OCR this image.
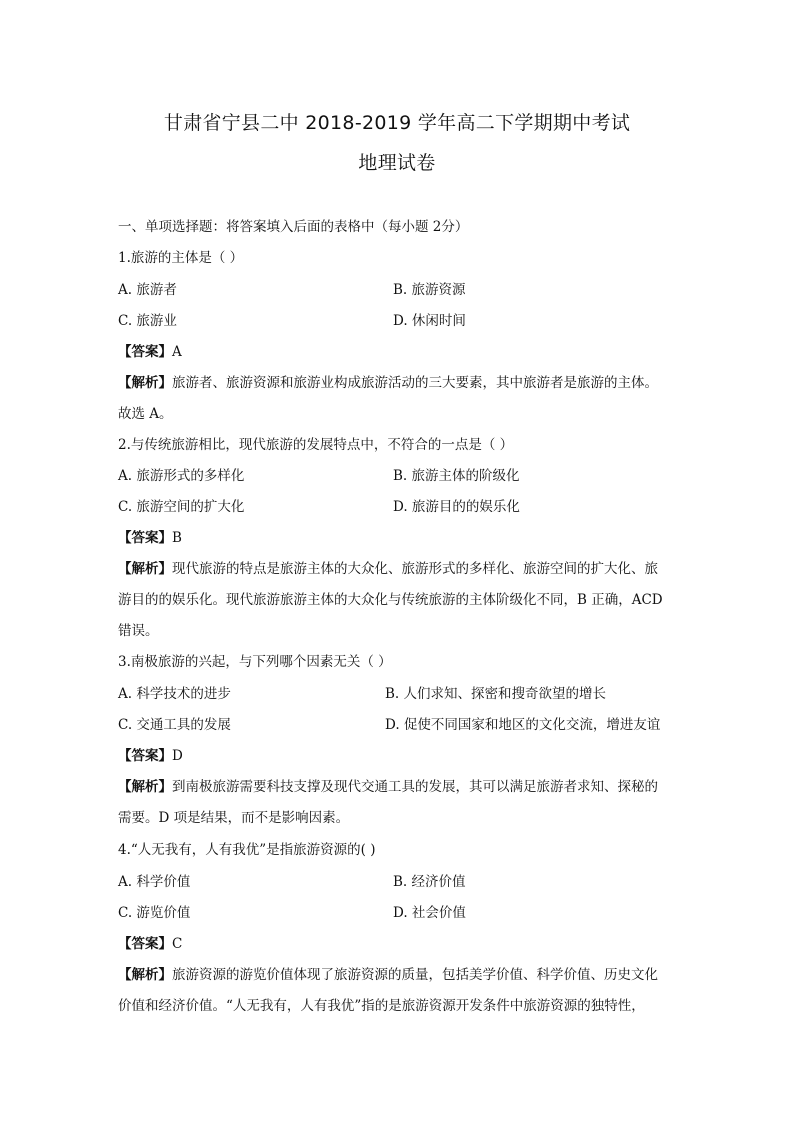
甘肃省宁县二中 2018-2019 学年高二下学期期中考试
地理试卷
一、单项选择题：将答案填入后面的表格中（每小题 2分）
1.旅游的主体是（ ）
A. 旅游者	B. 旅游资源
C. 旅游业	D. 休闲时间
【答案】A
【解析】旅游者、旅游资源和旅游业构成旅游活动的三大要素，其中旅游者是旅游的主体。
故选 A。
2.与传统旅游相比，现代旅游的发展特点中，不符合的一点是（ ）
A. 旅游形式的多样化	B. 旅游主体的阶级化
C. 旅游空间的扩大化	D. 旅游目的的娱乐化
【答案】B
【解析】现代旅游的特点是旅游主体的大众化、旅游形式的多样化、旅游空间的扩大化、旅
游目的的娱乐化。现代旅游旅游主体的大众化与传统旅游的主体阶级化不同，B 正确，ACD
错误。
3.南极旅游的兴起，与下列哪个因素无关（ ）
A. 科学技术的进步	B. 人们求知、探密和搜奇欲望的增长
C. 交通工具的发展	D. 促使不同国家和地区的文化交流，增进友谊
【答案】D
【解析】到南极旅游需要科技支撑及现代交通工具的发展，其可以满足旅游者求知、探秘的
需要。D 项是结果，而不是影响因素。
4.“人无我有，人有我优”是指旅游资源的( )
A. 科学价值	B. 经济价值
C. 游览价值	D. 社会价值
【答案】C
【解析】旅游资源的游览价值体现了旅游资源的质量，包括美学价值、科学价值、历史文化
价值和经济价值。“人无我有，人有我优”指的是旅游资源开发条件中旅游资源的独特性，
